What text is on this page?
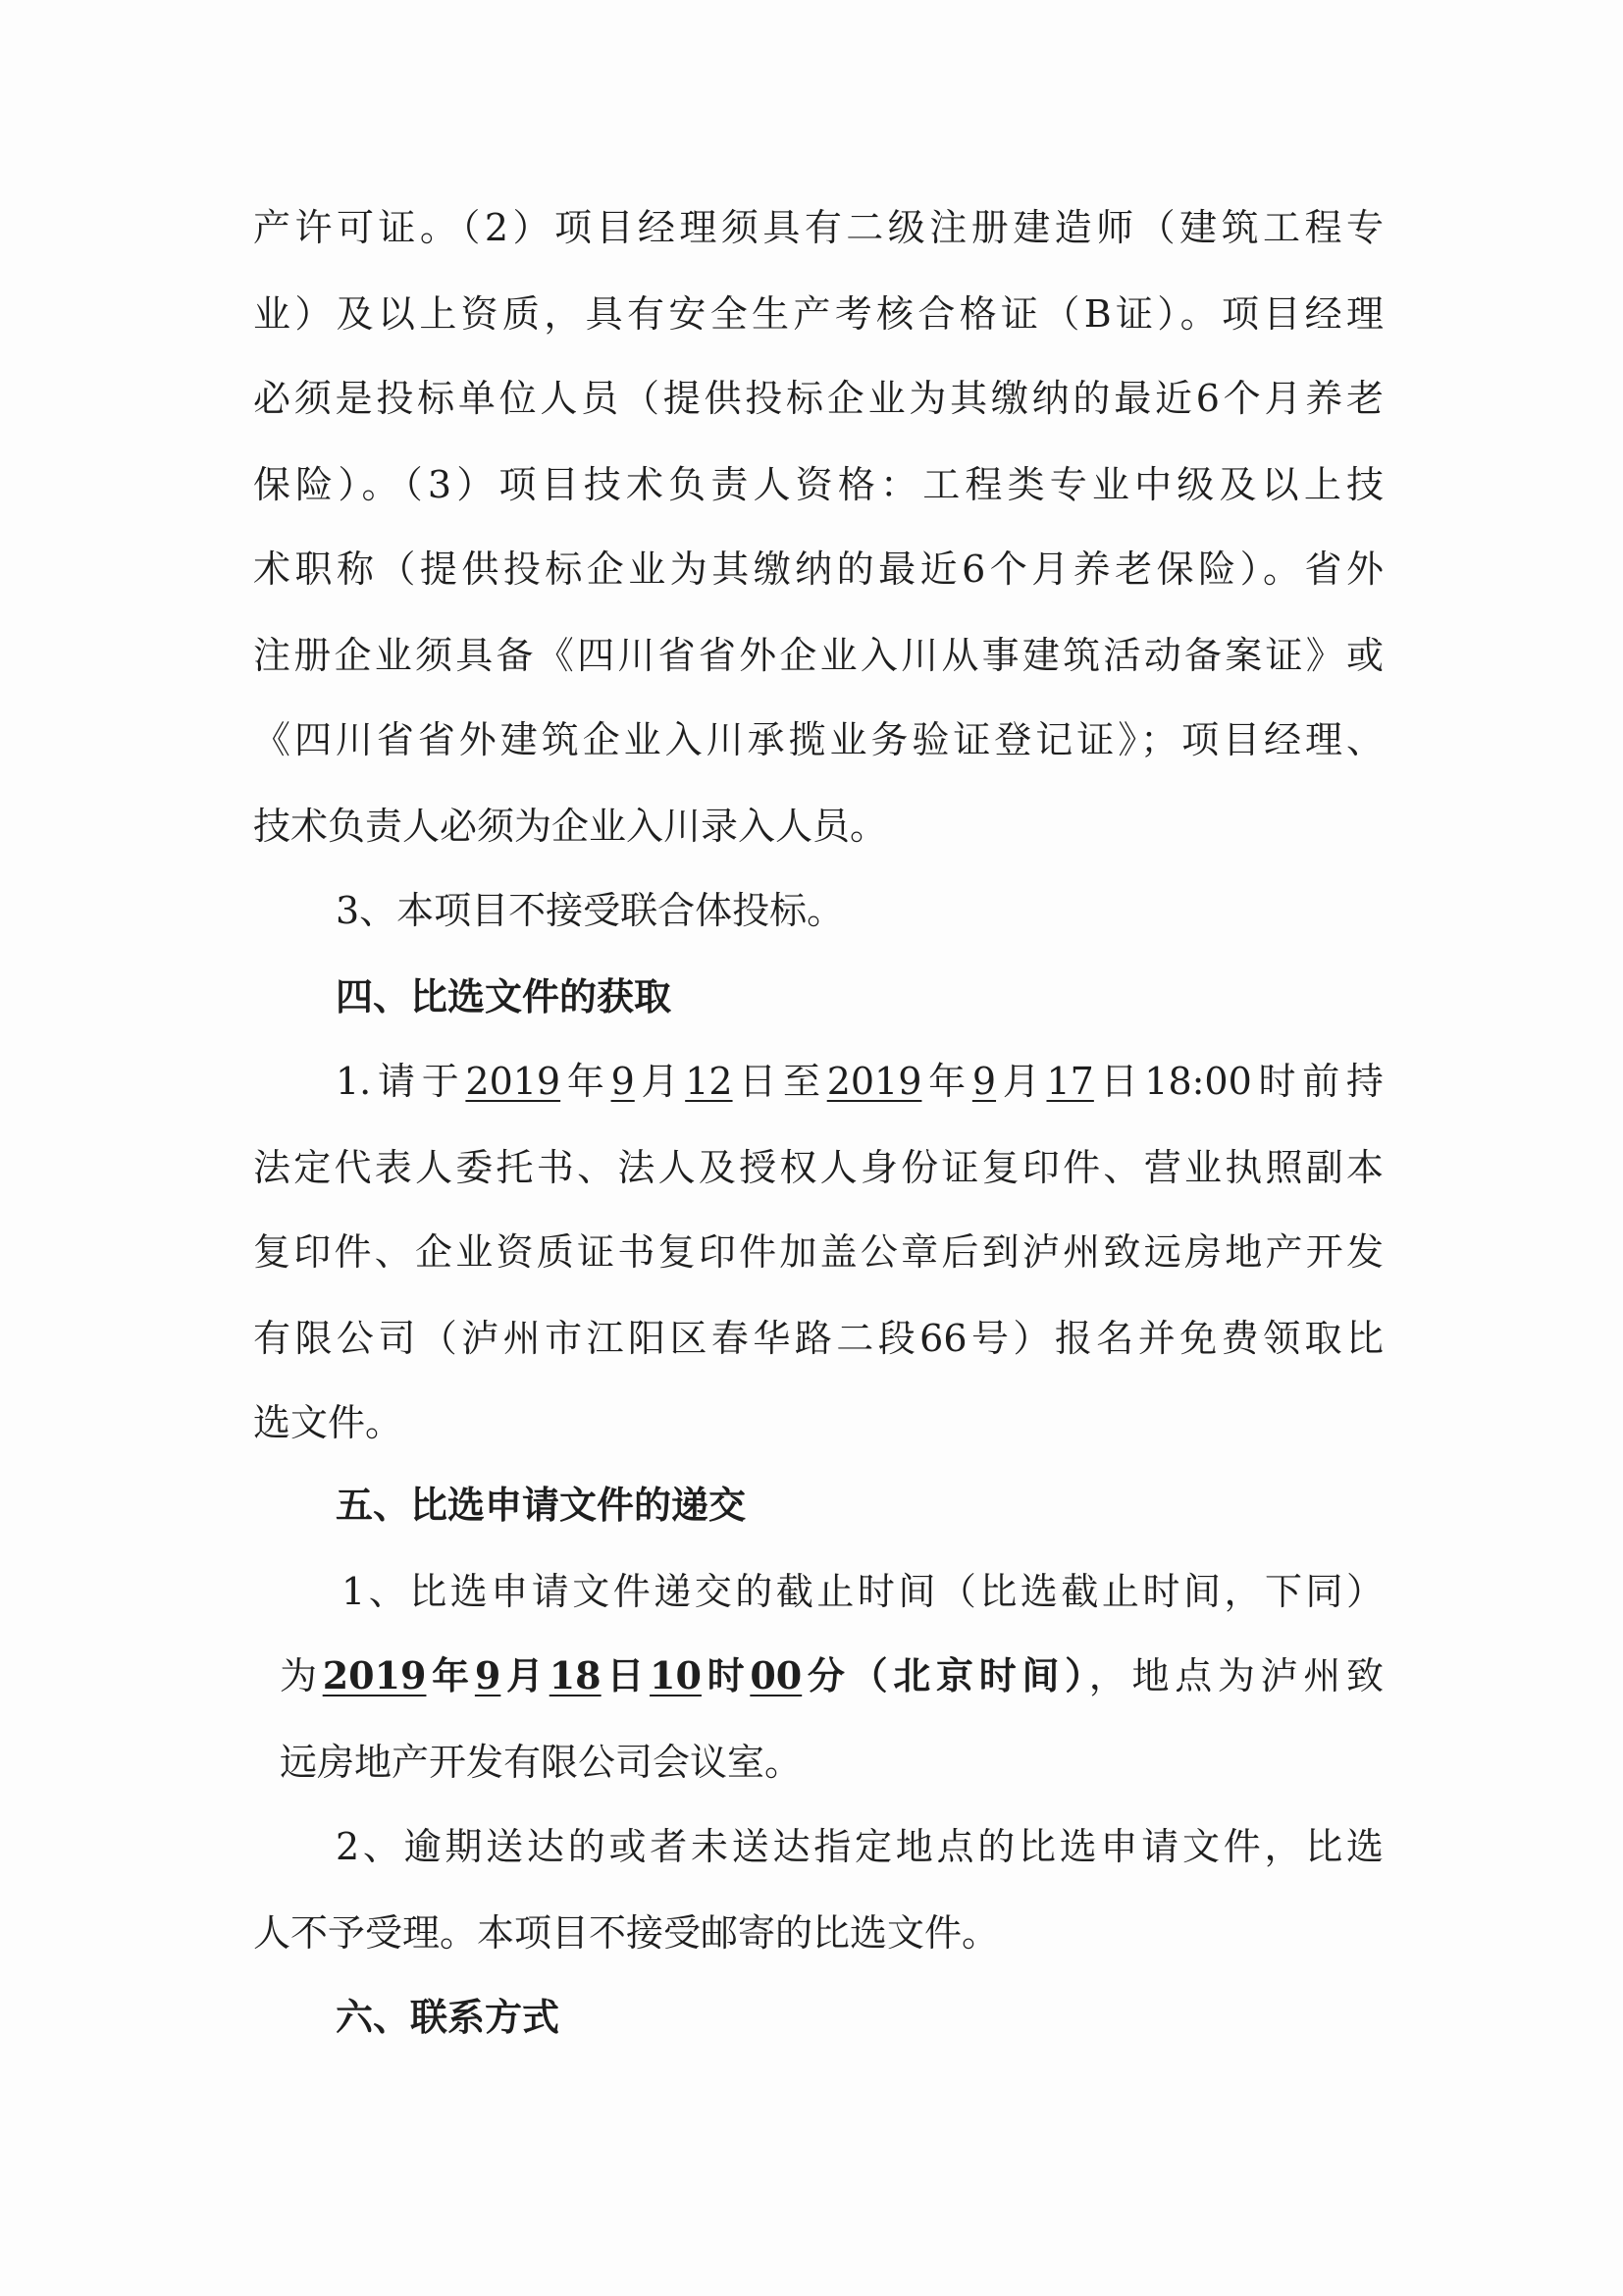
产许可证。（2）项目经理须具有二级注册建造师（建筑工程专
业）及以上资质，具有安全生产考核合格证（B证）。项目经理
必须是投标单位人员（提供投标企业为其缴纳的最近6个月养老
保险）。（3）项目技术负责人资格：工程类专业中级及以上技
术职称（提供投标企业为其缴纳的最近6个月养老保险）。省外
注册企业须具备《四川省省外企业入川从事建筑活动备案证》或
《四川省省外建筑企业入川承揽业务验证登记证》；项目经理、
技术负责人必须为企业入川录入人员。
3、本项目不接受联合体投标。
四、比选文件的获取
1.请于2019年9月12日至2019年9月17日18:00时前持
法定代表人委托书、法人及授权人身份证复印件、营业执照副本
复印件、企业资质证书复印件加盖公章后到泸州致远房地产开发
有限公司（泸州市江阳区春华路二段66号）报名并免费领取比
选文件。
五、比选申请文件的递交
1、比选申请文件递交的截止时间（比选截止时间，下同）
为2019年9月18日10时00分（北京时间），地点为泸州致
远房地产开发有限公司会议室。
2、逾期送达的或者未送达指定地点的比选申请文件，比选
人不予受理。本项目不接受邮寄的比选文件。
六、联系方式
